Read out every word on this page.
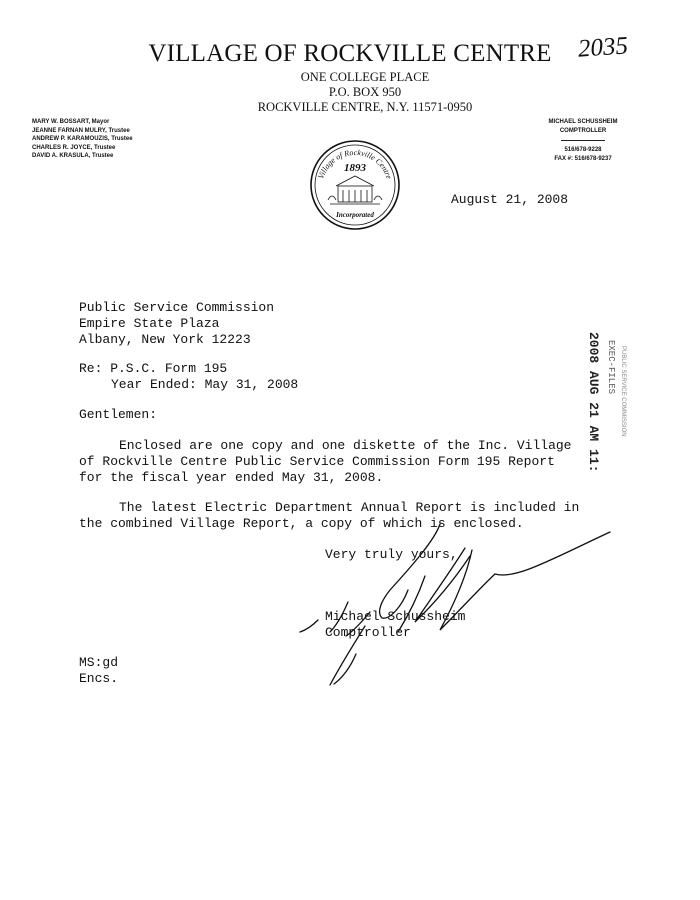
VILLAGE OF ROCKVILLE CENTRE	2035
ONE COLLEGE PLACE
P.O. BOX 950
ROCKVILLE CENTRE, N.Y. 11571-0950
MARY W. BOSSART, Mayor
JEANNE FARNAN MULRY, Trustee
ANDREW P. KARAMOUZIS, Trustee
CHARLES R. JOYCE, Trustee
DAVID A. KRASULA, Trustee
MICHAEL SCHUSSHEIM
COMPTROLLER
516/678-9228
FAX #: 516/678-9237
Village of Rockville Centre
1893
Incorporated
August 21, 2008
Public Service Commission
Empire State Plaza
Albany, New York 12223
Re: P.S.C. Form 195
Year Ended: May 31, 2008
Gentlemen:
Enclosed are one copy and one diskette of the Inc. Village
of Rockville Centre Public Service Commission Form 195 Report
for the fiscal year ended May 31, 2008.
The latest Electric Department Annual Report is included in
the combined Village Report, a copy of which is enclosed.
Very truly yours,
Michael Schussheim
Comptroller
MS:gd
Encs.
2008 AUG 21 AM 11:01 EXEC-FILES PUBLIC SERVICE COMMISSION
